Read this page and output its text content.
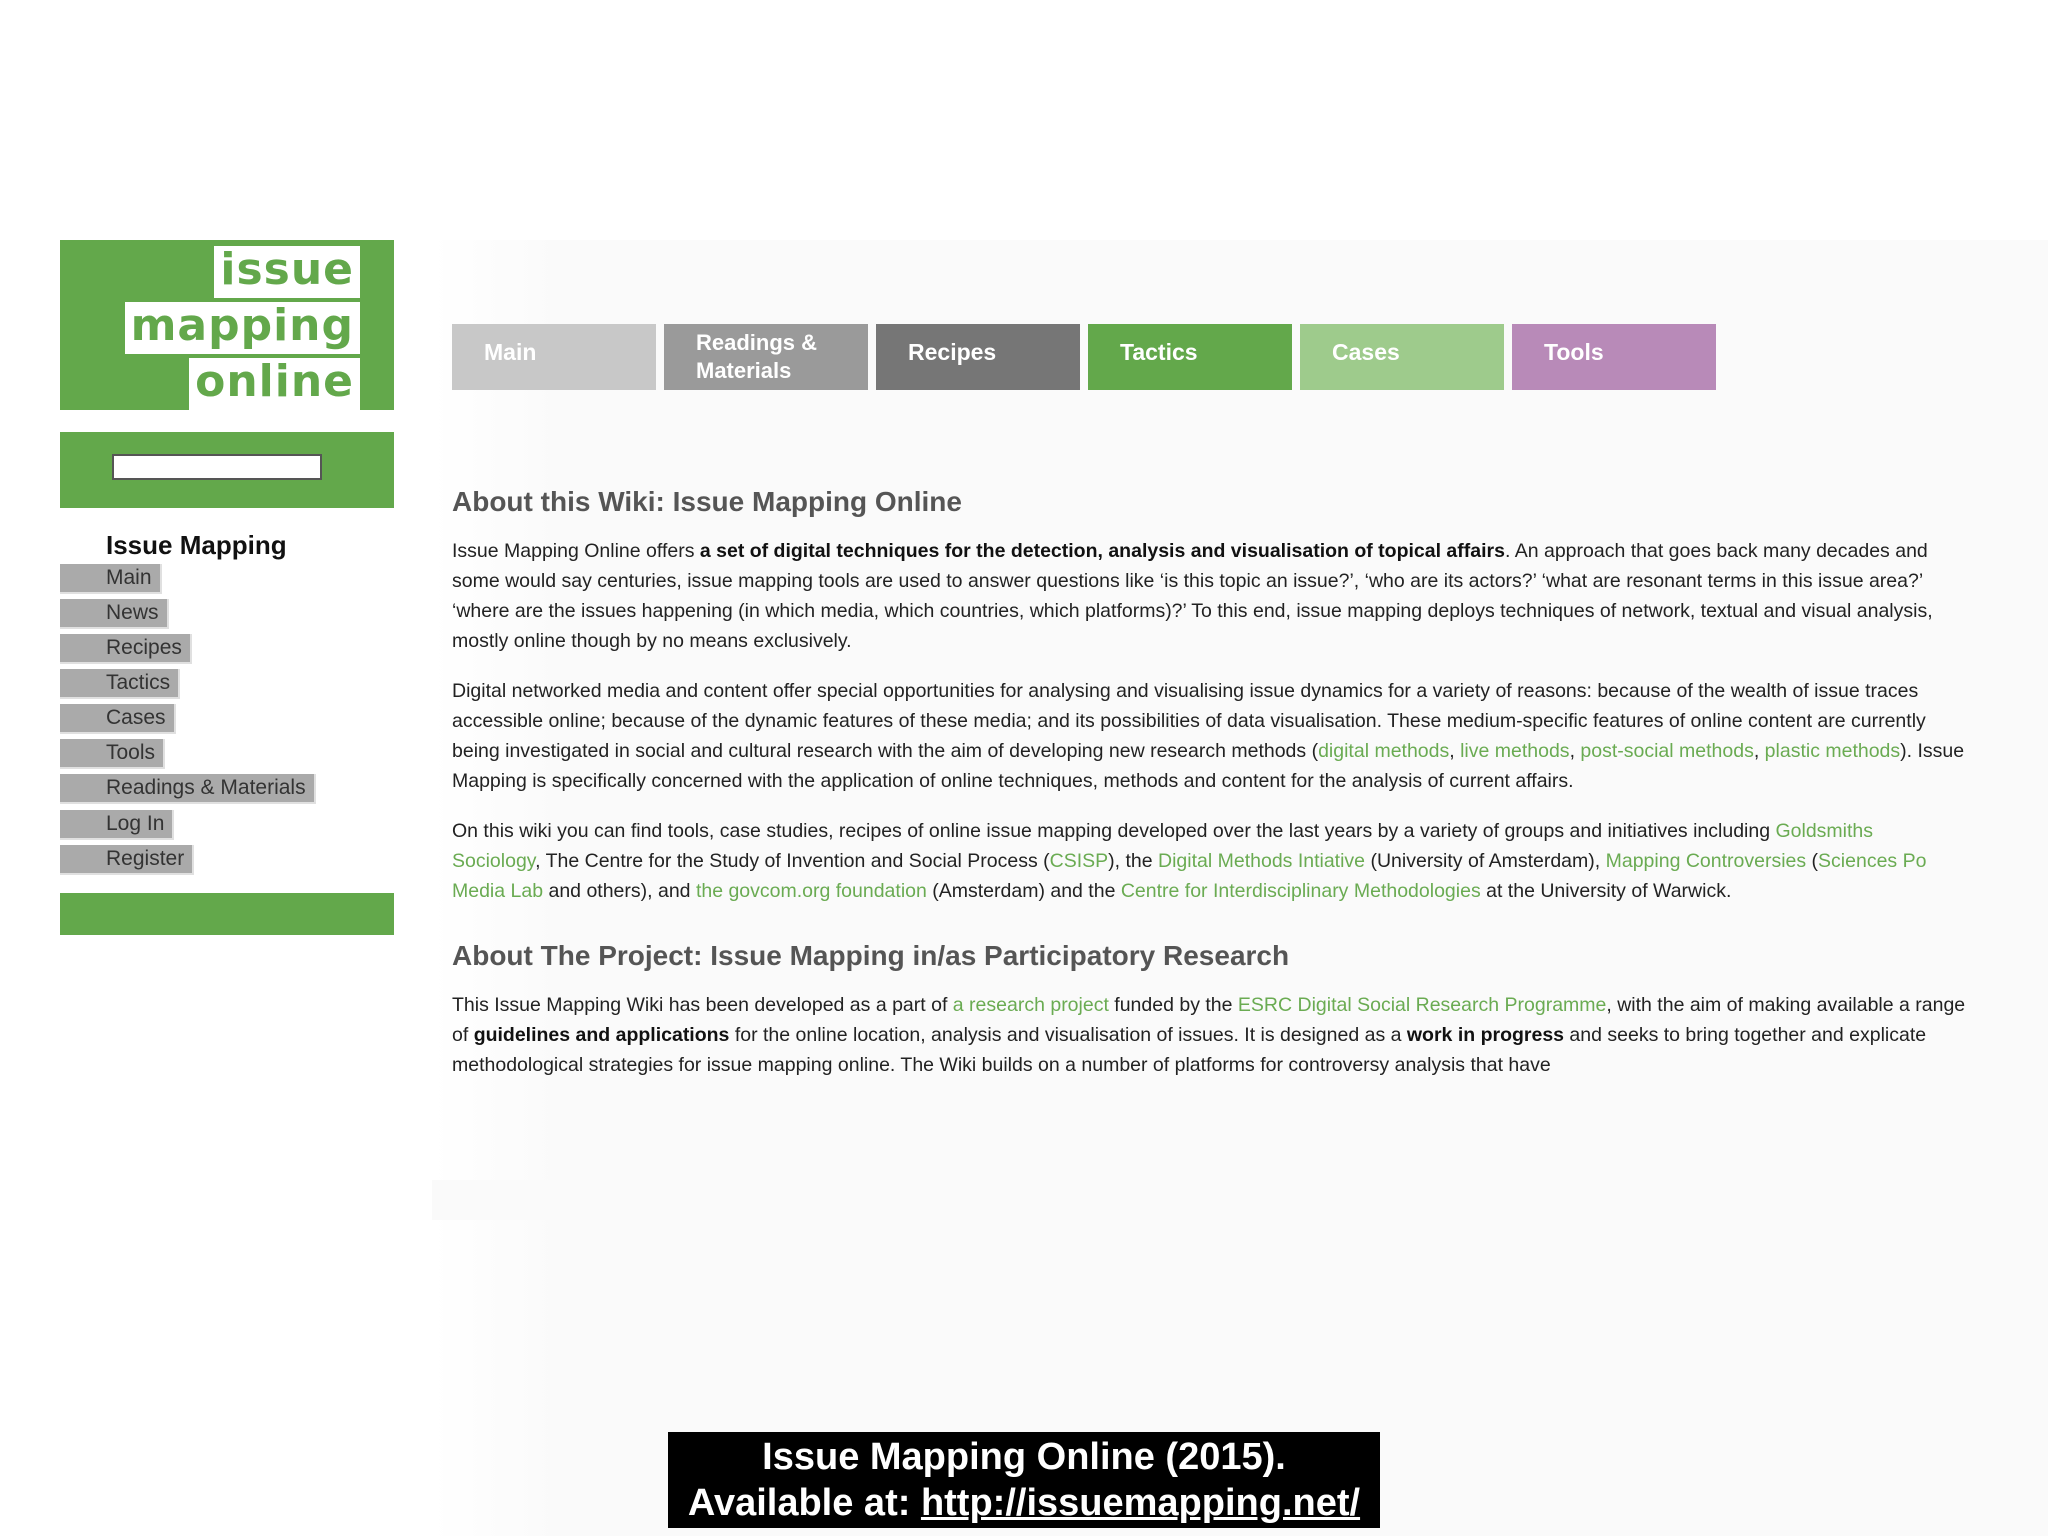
issue
mapping
online
Issue Mapping
Main
News
Recipes
Tactics
Cases
Tools
Readings & Materials
Log In
Register
Main	Readings &
Materials
Recipes	Tactics	Cases	Tools
About this Wiki: Issue Mapping Online

Issue Mapping Online offers a set of digital techniques for the detection, analysis and visualisation of topical affairs. An approach that goes back many decades and some would say centuries, issue mapping tools are used to answer questions like ‘is this topic an issue?’, ‘who are its actors?’ ‘what are resonant terms in this issue area?’ ‘where are the issues happening (in which media, which countries, which platforms)?’ To this end, issue mapping deploys techniques of network, textual and visual analysis, mostly online though by no means exclusively.

Digital networked media and content offer special opportunities for analysing and visualising issue dynamics for a variety of reasons: because of the wealth of issue traces accessible online; because of the dynamic features of these media; and its possibilities of data visualisation. These medium-specific features of online content are currently being investigated in social and cultural research with the aim of developing new research methods (digital methods, live methods, post-social methods, plastic methods). Issue Mapping is specifically concerned with the application of online techniques, methods and content for the analysis of current affairs.

On this wiki you can find tools, case studies, recipes of online issue mapping developed over the last years by a variety of groups and initiatives including Goldsmiths Sociology, The Centre for the Study of Invention and Social Process (CSISP), the Digital Methods Intiative (University of Amsterdam), Mapping Controversies (Sciences Po Media Lab and others), and the govcom.org foundation (Amsterdam) and the Centre for Interdisciplinary Methodologies at the University of Warwick.

About The Project: Issue Mapping in/as Participatory Research

This Issue Mapping Wiki has been developed as a part of a research project funded by the ESRC Digital Social Research Programme, with the aim of making available a range of guidelines and applications for the online location, analysis and visualisation of issues. It is designed as a work in progress and seeks to bring together and explicate methodological strategies for issue mapping online. The Wiki builds on a number of platforms for controversy analysis that have

Issue Mapping Online (2015).
Available at: http://issuemapping.net/
